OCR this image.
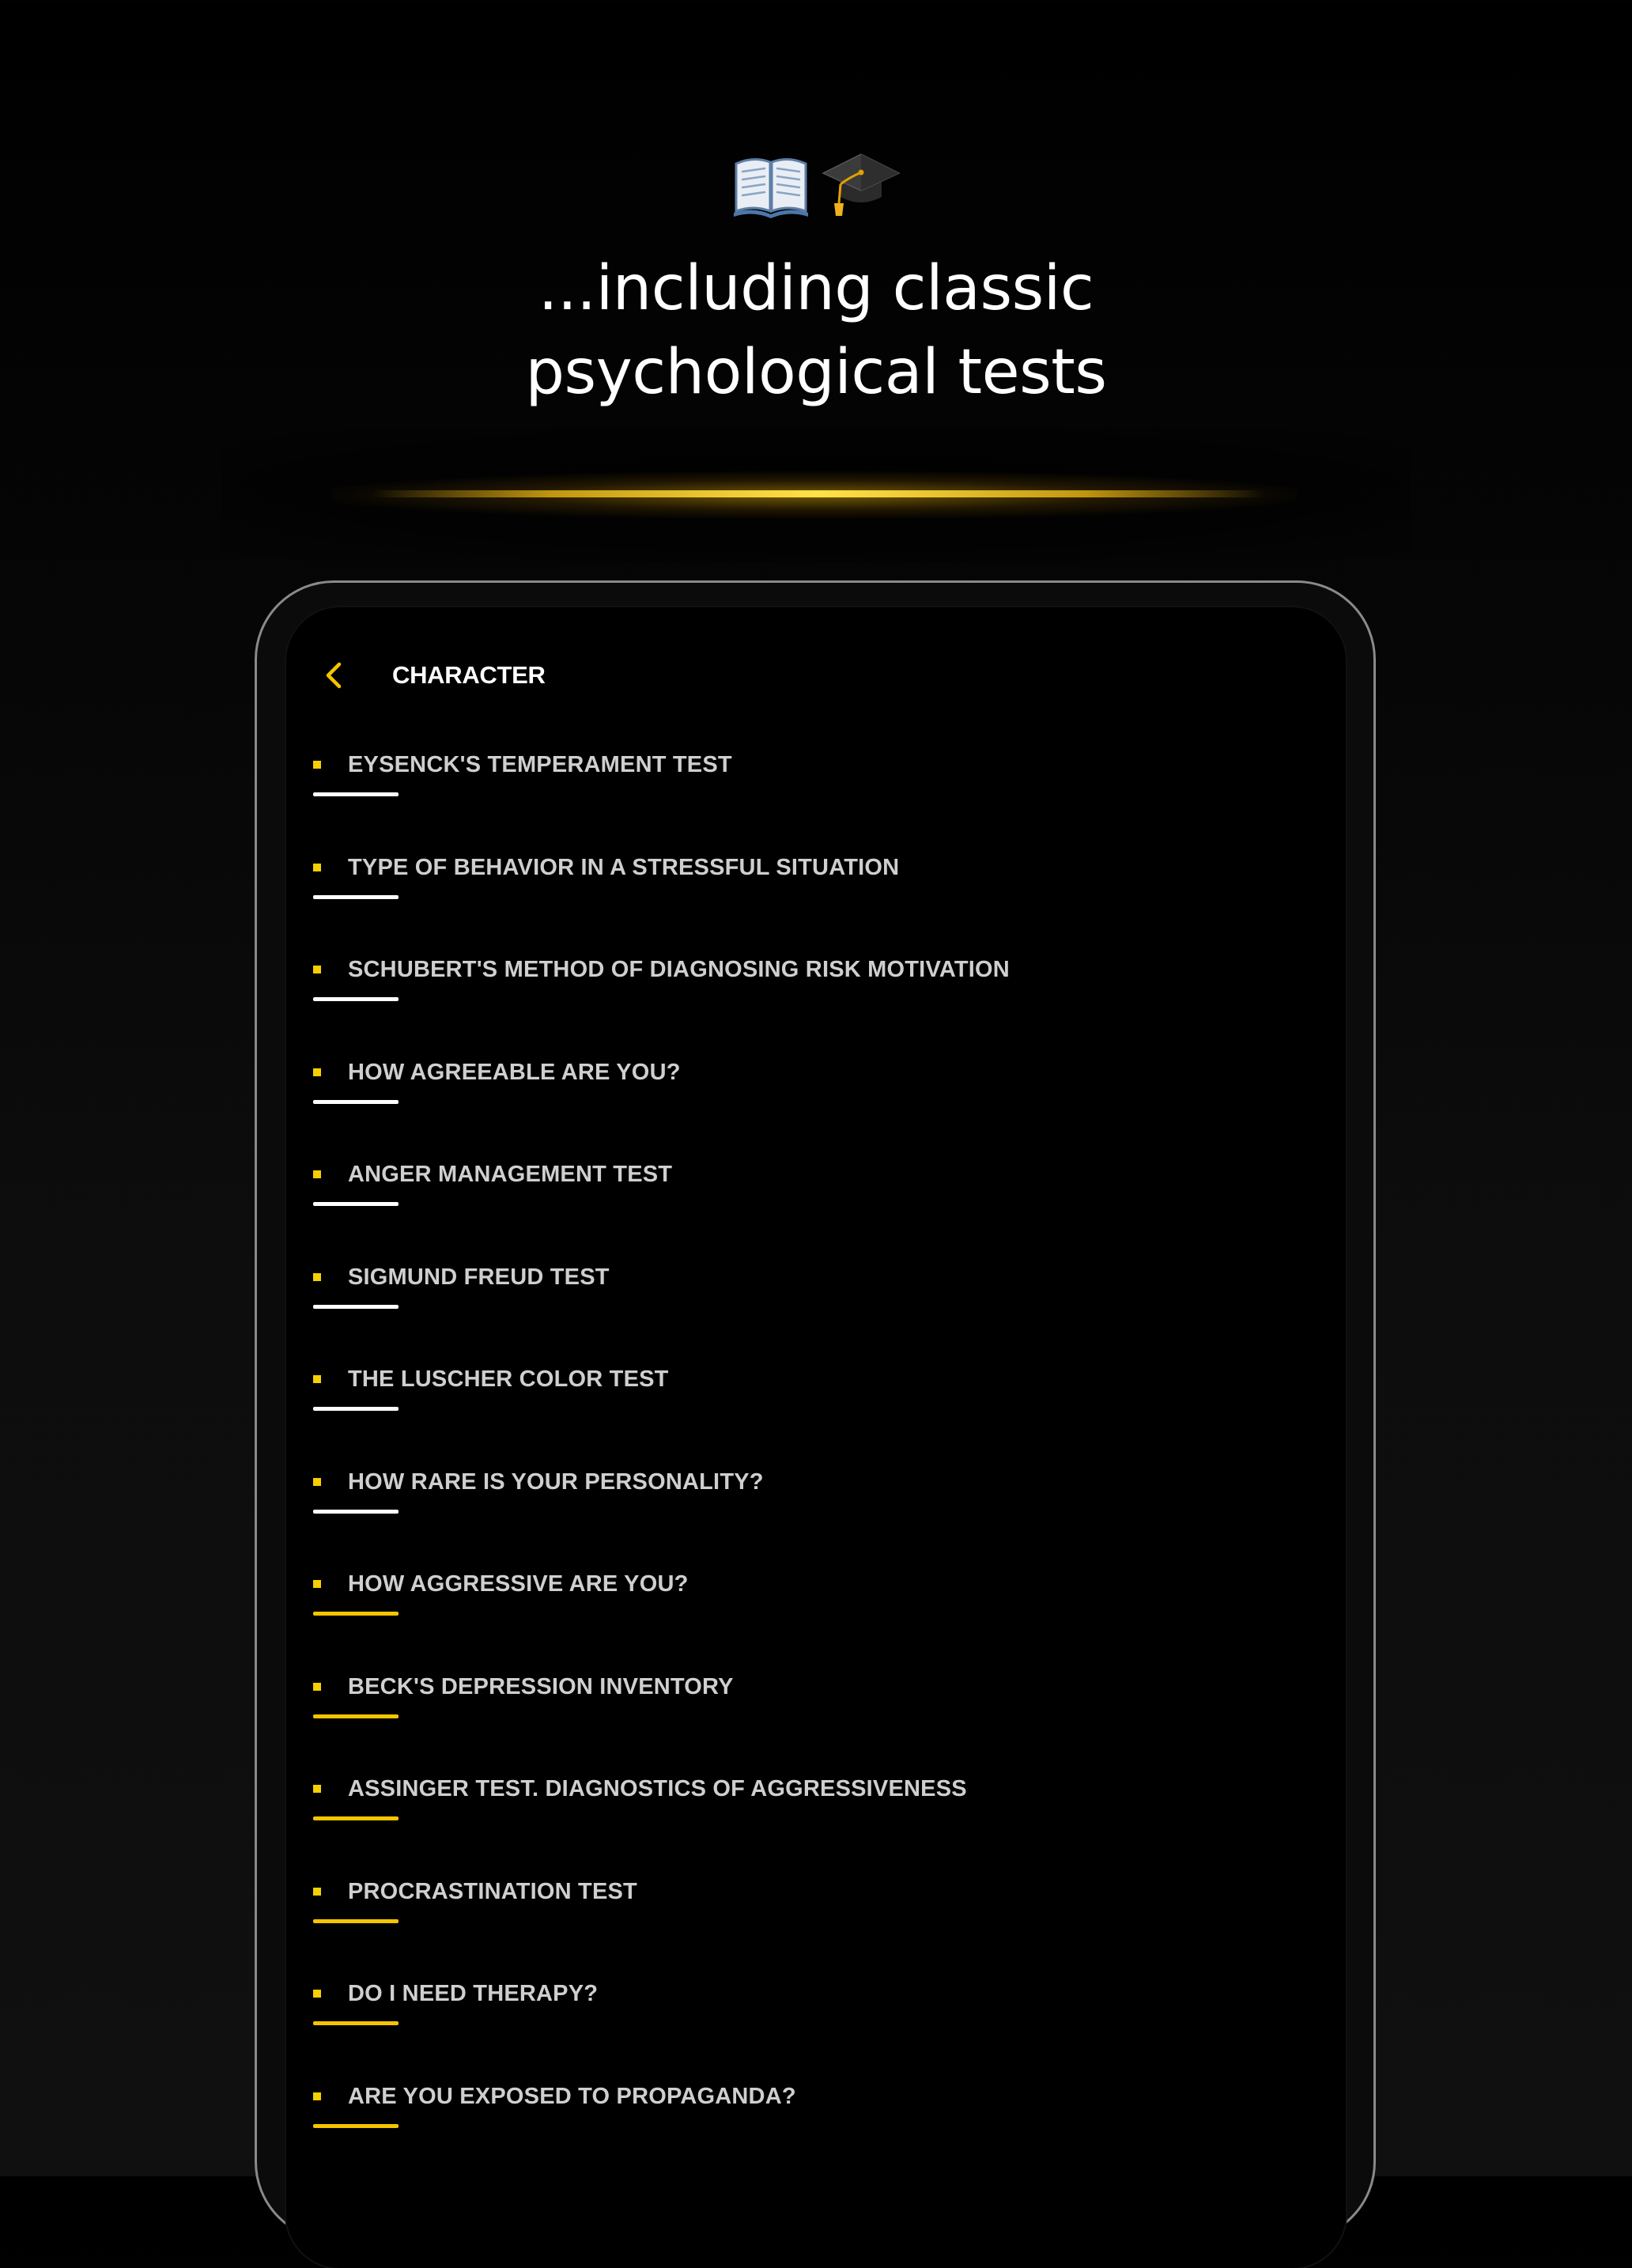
...including classic
psychological tests
CHARACTER
EYSENCK'S TEMPERAMENT TEST
TYPE OF BEHAVIOR IN A STRESSFUL SITUATION
SCHUBERT'S METHOD OF DIAGNOSING RISK MOTIVATION
HOW AGREEABLE ARE YOU?
ANGER MANAGEMENT TEST
SIGMUND FREUD TEST
THE LUSCHER COLOR TEST
HOW RARE IS YOUR PERSONALITY?
HOW AGGRESSIVE ARE YOU?
BECK'S DEPRESSION INVENTORY
ASSINGER TEST. DIAGNOSTICS OF AGGRESSIVENESS
PROCRASTINATION TEST
DO I NEED THERAPY?
ARE YOU EXPOSED TO PROPAGANDA?
